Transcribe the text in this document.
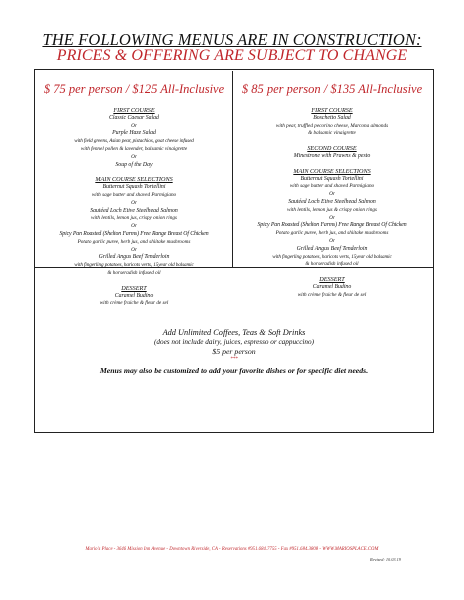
THE FOLLOWING MENUS ARE IN CONSTRUCTION:
PRICES & OFFERING ARE SUBJECT TO CHANGE
$ 75 per person / $125 All-Inclusive
FIRST COURSE
Classic Caesar Salad
Or
Purple Haze Salad
with field greens, Asian pear, pistachios, goat cheese infused
with fennel pollen & lavender, balsamic vinaigrette
Or
Soup of the Day
MAIN COURSE SELECTIONS
Butternut Squash Tortellini
with sage butter and shaved Parmigiano
Or
Sautéed Loch Etive Steelhead Salmon
with lentils, lemon jus, crispy onion rings
Or
Spicy Pan Roasted (Shelton Farms) Free Range Breast Of Chicken
Potato garlic puree, herb jus, and shiitake mushrooms
Or
Grilled Angus Beef Tenderloin
with fingerling potatoes, haricots verts, 15year old balsamic
& horseradish infused oil
DESSERT
Caramel Budino
with crème fraiche & fleur de sel
$ 85 per person / $135 All-Inclusive
FIRST COURSE
Boschetto Salad
with pear, truffled pecorino cheese, Marcona almonds
& balsamic vinaigrette
SECOND COURSE
Minestrone with Prawns & pesto
MAIN COURSE SELECTIONS
Butternut Squash Tortellini
with sage butter and shaved Parmigiano
Or
Sautéed Loch Etive Steelhead Salmon
with lentils, lemon jus & crispy onion rings
Or
Spicy Pan Roasted (Shelton Farms) Free Range Breast Of Chicken
Potato garlic puree, herb jus, and shiitake mushrooms
Or
Grilled Angus Beef Tenderloin
with fingerling potatoes, haricots verts, 15year old balsamic
& horseradish infused oil
DESSERT
Caramel Budino
with crème fraiche & fleur de sel
Add Unlimited Coffees, Teas & Soft Drinks
(does not include dairy, juices, espresso or cappuccino)
$5 per person
***
Menus may also be customized to add your favorite dishes or for specific diet needs.
Mario's Place - 3646 Mission Inn Avenue - Downtown Riverside, CA - Reservations #951.684.7755 - Fax #951.684.3808 - WWW.MARIOSPLACE.COM
Revised: 10.03.19
